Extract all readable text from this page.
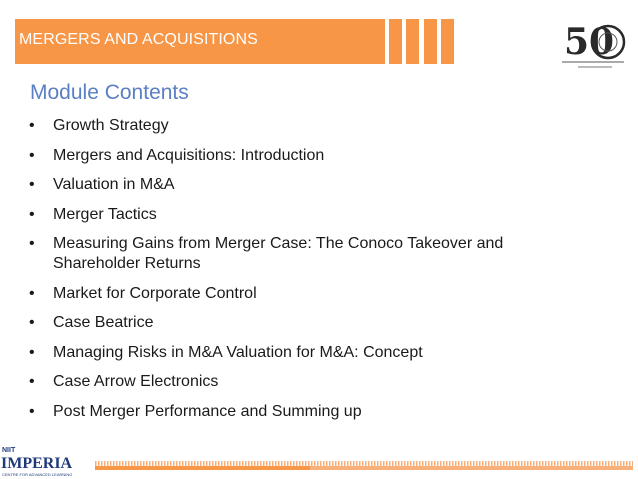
MERGERS AND ACQUISITIONS	50
Module Contents
• Growth Strategy
• Mergers and Acquisitions: Introduction
• Valuation in M&A
• Merger Tactics
• Measuring Gains from Merger Case: The Conoco Takeover and
Shareholder Returns
• Market for Corporate Control
• Case Beatrice
• Managing Risks in M&A Valuation for M&A: Concept
• Case Arrow Electronics
• Post Merger Performance and Summing up
NIIT
IMPERIA
CENTRE FOR ADVANCED LEARNING
